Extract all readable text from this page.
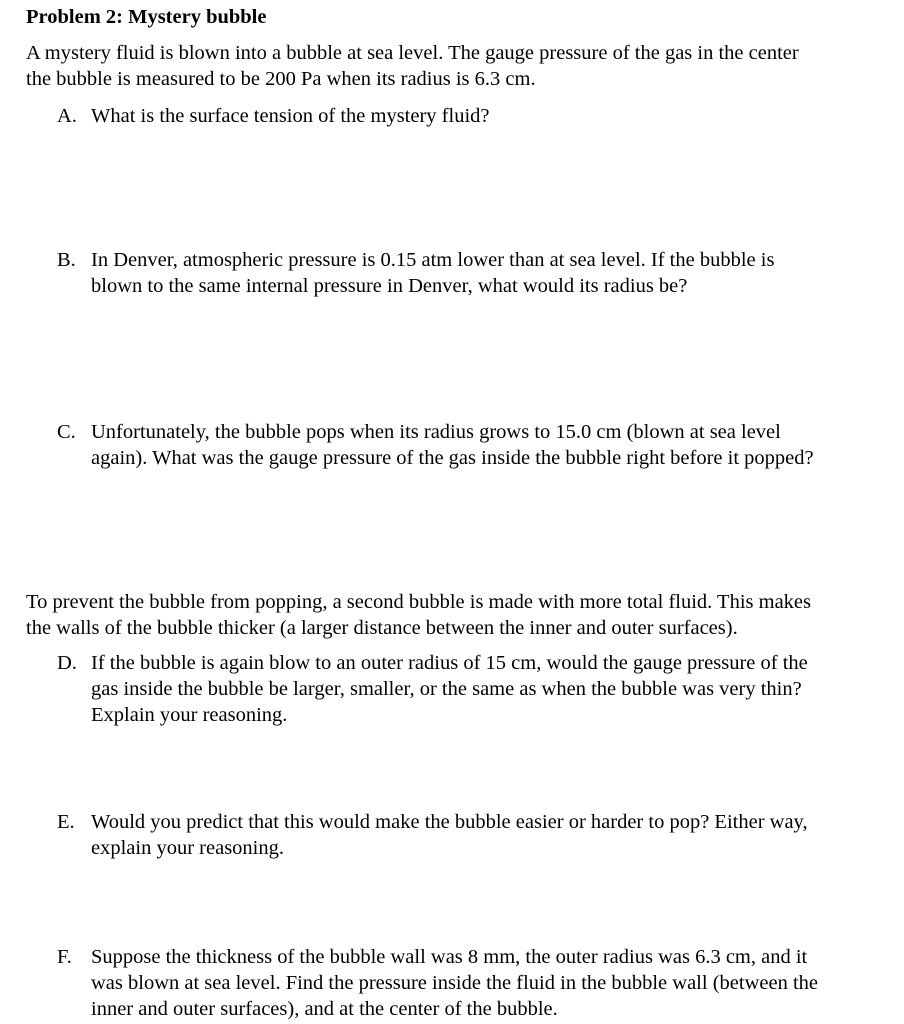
Problem 2: Mystery bubble
A mystery fluid is blown into a bubble at sea level. The gauge pressure of the gas in the center
the bubble is measured to be 200 Pa when its radius is 6.3 cm.
A. What is the surface tension of the mystery fluid?
B. In Denver, atmospheric pressure is 0.15 atm lower than at sea level. If the bubble is
blown to the same internal pressure in Denver, what would its radius be?
C. Unfortunately, the bubble pops when its radius grows to 15.0 cm (blown at sea level
again). What was the gauge pressure of the gas inside the bubble right before it popped?
To prevent the bubble from popping, a second bubble is made with more total fluid. This makes
the walls of the bubble thicker (a larger distance between the inner and outer surfaces).
D. If the bubble is again blow to an outer radius of 15 cm, would the gauge pressure of the
gas inside the bubble be larger, smaller, or the same as when the bubble was very thin?
Explain your reasoning.
E. Would you predict that this would make the bubble easier or harder to pop? Either way,
explain your reasoning.
F. Suppose the thickness of the bubble wall was 8 mm, the outer radius was 6.3 cm, and it
was blown at sea level. Find the pressure inside the fluid in the bubble wall (between the
inner and outer surfaces), and at the center of the bubble.
